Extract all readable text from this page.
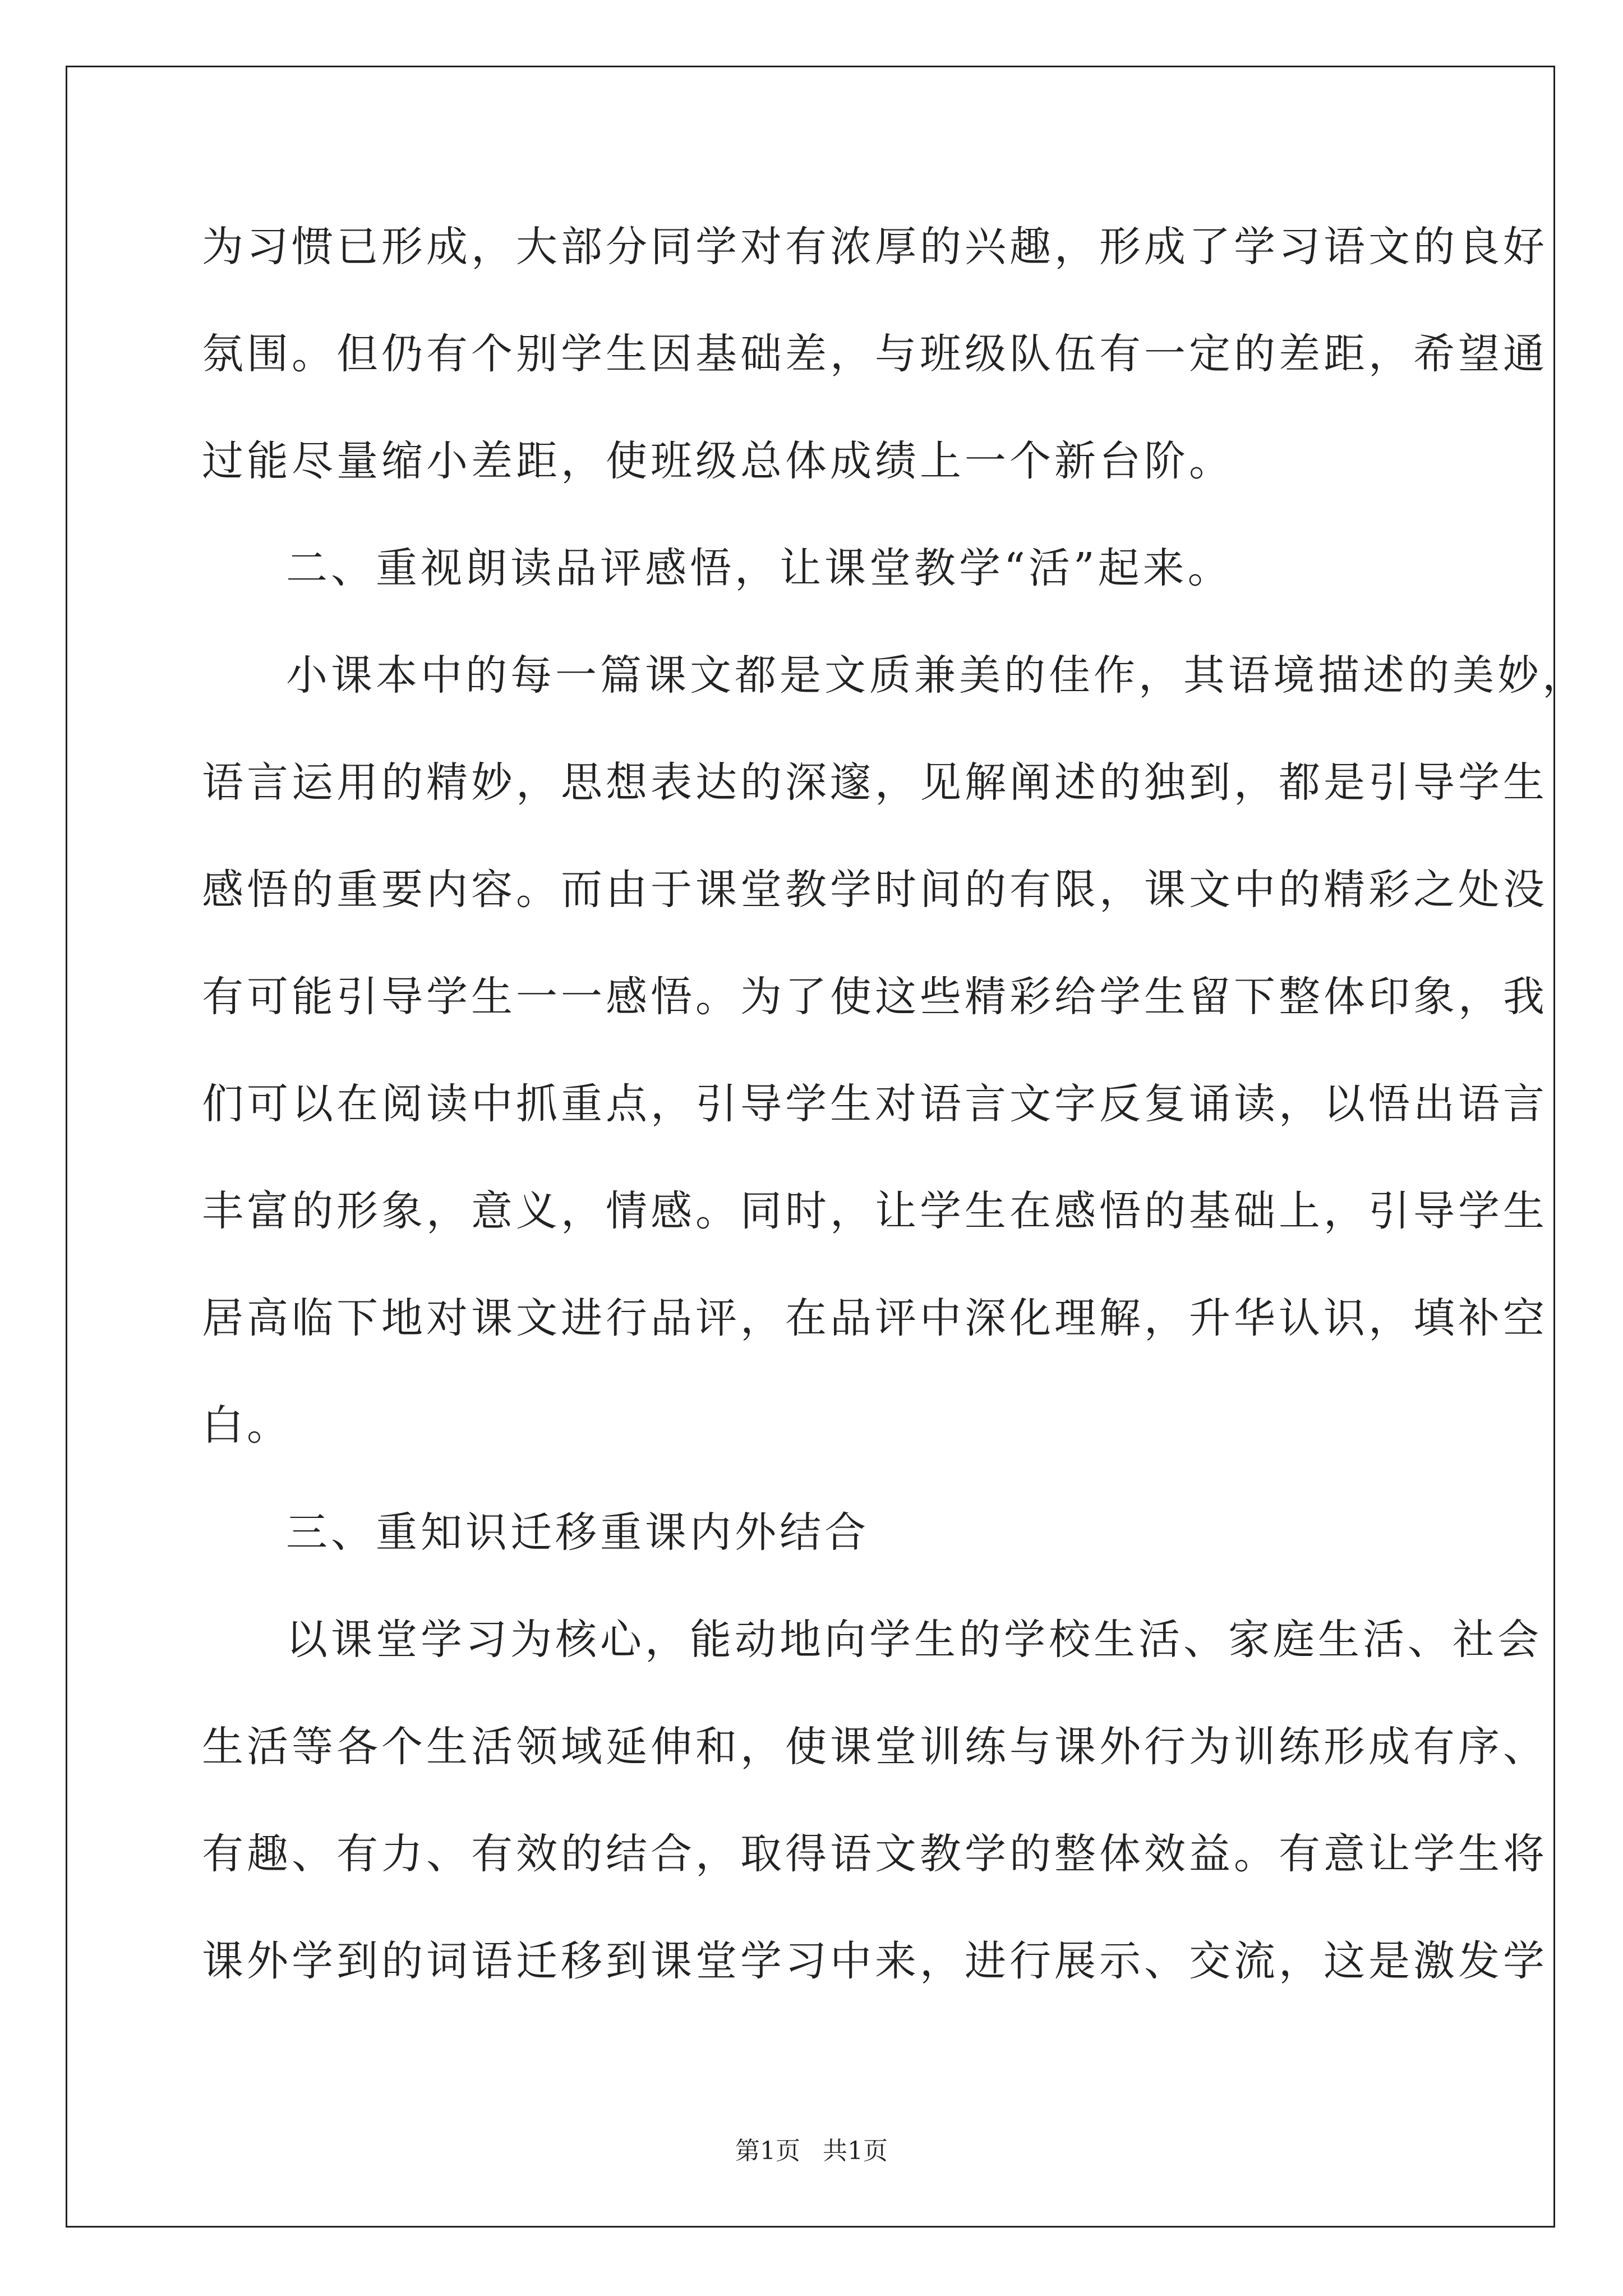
为习惯已形成，大部分同学对有浓厚的兴趣，形成了学习语文的良好
氛围。但仍有个别学生因基础差，与班级队伍有一定的差距，希望通
过能尽量缩小差距，使班级总体成绩上一个新台阶。
二、重视朗读品评感悟，让课堂教学“活”起来。
小课本中的每一篇课文都是文质兼美的佳作，其语境描述的美妙，
语言运用的精妙，思想表达的深邃，见解阐述的独到，都是引导学生
感悟的重要内容。而由于课堂教学时间的有限，课文中的精彩之处没
有可能引导学生一一感悟。为了使这些精彩给学生留下整体印象，我
们可以在阅读中抓重点，引导学生对语言文字反复诵读，以悟出语言
丰富的形象，意义，情感。同时，让学生在感悟的基础上，引导学生
居高临下地对课文进行品评，在品评中深化理解，升华认识，填补空
白。
三、重知识迁移重课内外结合
以课堂学习为核心，能动地向学生的学校生活、家庭生活、社会
生活等各个生活领域延伸和，使课堂训练与课外行为训练形成有序、
有趣、有力、有效的结合，取得语文教学的整体效益。有意让学生将
课外学到的词语迁移到课堂学习中来，进行展示、交流，这是激发学
第1页 共1页
